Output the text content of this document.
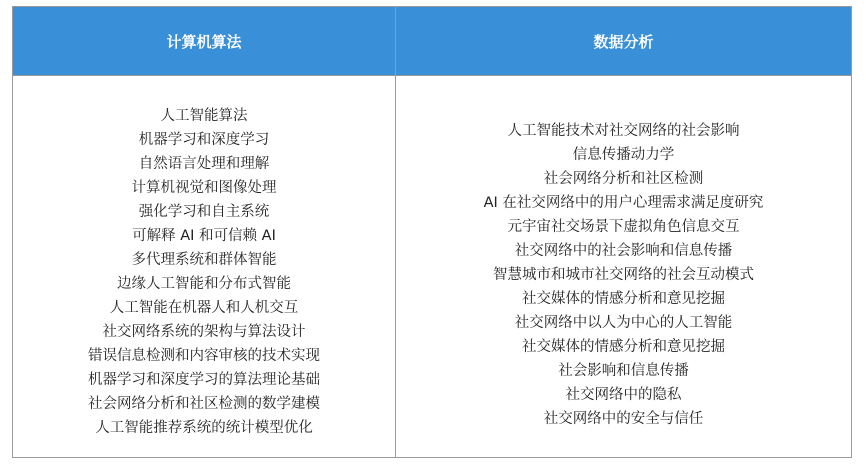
计算机算法	数据分析
人工智能算法
机器学习和深度学习
自然语言处理和理解
计算机视觉和图像处理
强化学习和自主系统
可解释 AI 和可信赖 AI
多代理系统和群体智能
边缘人工智能和分布式智能
人工智能在机器人和人机交互
社交网络系统的架构与算法设计
错误信息检测和内容审核的技术实现
机器学习和深度学习的算法理论基础
社会网络分析和社区检测的数学建模
人工智能推荐系统的统计模型优化
人工智能技术对社交网络的社会影响
信息传播动力学
社会网络分析和社区检测
AI 在社交网络中的用户心理需求满足度研究
元宇宙社交场景下虚拟角色信息交互
社交网络中的社会影响和信息传播
智慧城市和城市社交网络的社会互动模式
社交媒体的情感分析和意见挖掘
社交网络中以人为中心的人工智能
社交媒体的情感分析和意见挖掘
社会影响和信息传播
社交网络中的隐私
社交网络中的安全与信任
